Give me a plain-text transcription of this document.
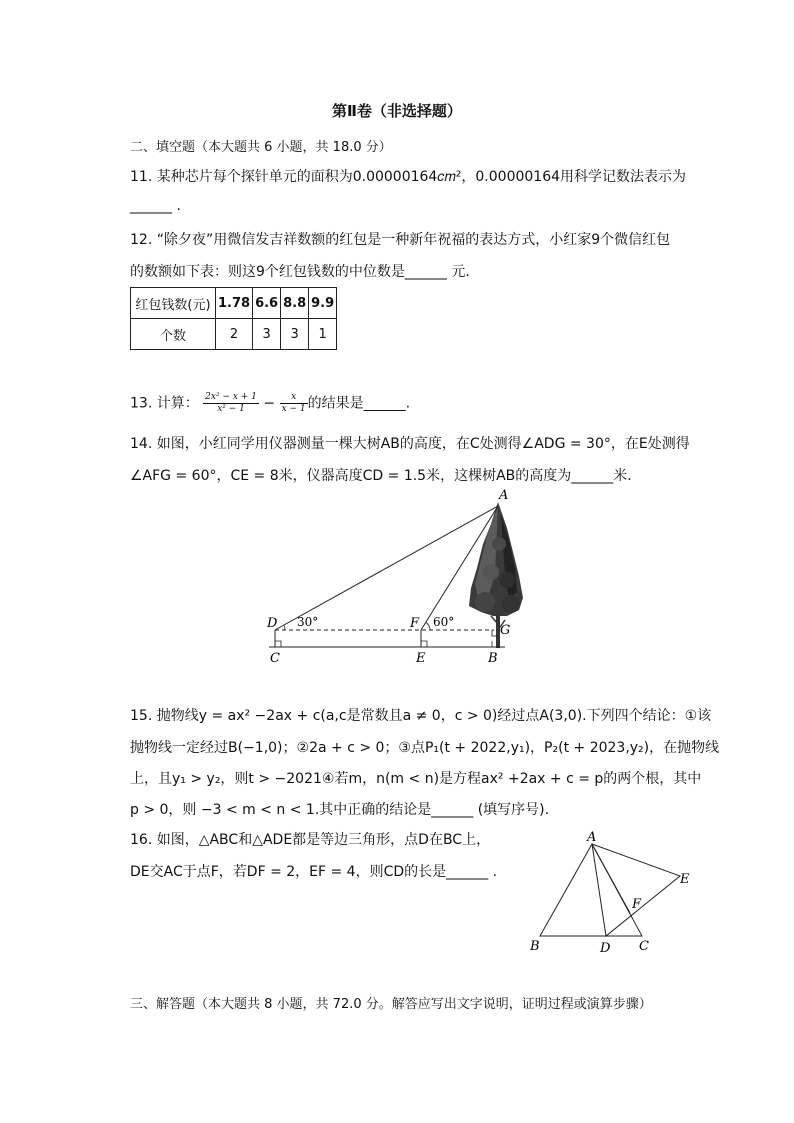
第Ⅱ卷（非选择题）
二、填空题（本大题共 6 小题，共 18.0 分）
11. 某种芯片每个探针单元的面积为0.00000164𝑐𝑚²，0.00000164用科学记数法表示为
______ .
12. “除夕夜”用微信发吉祥数额的红包是一种新年祝福的表达方式，小红家9个微信红包
的数额如下表：则这9个红包钱数的中位数是______ 元.
红包钱数(元)	1.78	6.6	8.8	9.9
个数	2	3	3	1
13. 计算： $\frac{\text{2x² − x + 1}}{\text{x² − 1}} - \frac{x}{x - 1}$ 的结果是______.
14. 如图，小红同学用仪器测量一棵大树AB的高度，在C处测得∠ADG = 30°，在E处测得
∠AFG = 60°，CE = 8米，仪器高度CD = 1.5米，这棵树AB的高度为______米.
D 30°	F 60°
A
G
C	E	B
15. 抛物线y = ax² −2ax + c(a,c是常数且a ≠ 0，c > 0)经过点A(3,0).下列四个结论：①该
抛物线一定经过B(−1,0)；②2a + c > 0；③点P₁(t + 2022,y₁)，P₂(t + 2023,y₂)，在抛物线
上，且y₁ > y₂，则t > −2021④若m，n(m < n)是方程ax² +2ax + c = p的两个根，其中
p > 0，则 −3 < m < n < 1.其中正确的结论是______ (填写序号).
16. 如图，△ABC和△ADE都是等边三角形，点D在BC上，
DE交AC于点F，若DF = 2，EF = 4，则CD的长是______ .
A
B	C
D
E
F
三、解答题（本大题共 8 小题，共 72.0 分。解答应写出文字说明，证明过程或演算步骤）
